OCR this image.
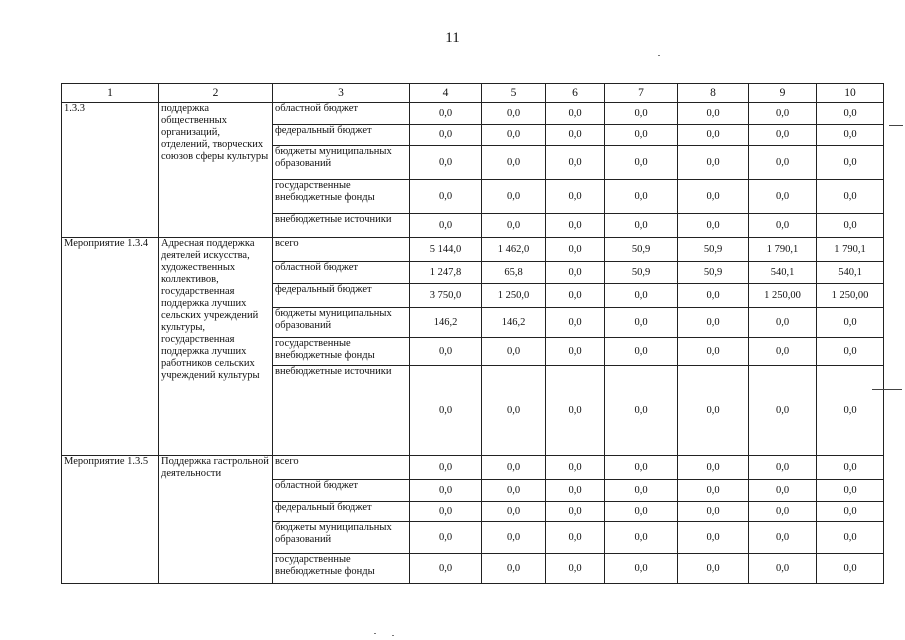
11
1	2	3	4	5	6	7	8	9	10
1.3.3	поддержка общественных организаций, отделений, творческих союзов сферы культуры	областной бюджет	0,0	0,0	0,0	0,0	0,0	0,0	0,0
		федеральный бюджет	0,0	0,0	0,0	0,0	0,0	0,0	0,0
		бюджеты муниципальных образований	0,0	0,0	0,0	0,0	0,0	0,0	0,0
		государственные внебюджетные фонды	0,0	0,0	0,0	0,0	0,0	0,0	0,0
		внебюджетные источники	0,0	0,0	0,0	0,0	0,0	0,0	0,0
Мероприятие 1.3.4	Адресная поддержка деятелей искусства, художественных коллективов, государственная поддержка лучших сельских учреждений культуры, государственная поддержка лучших работников сельских учреждений культуры	всего	5 144,0	1 462,0	0,0	50,9	50,9	1 790,1	1 790,1
		областной бюджет	1 247,8	65,8	0,0	50,9	50,9	540,1	540,1
		федеральный бюджет	3 750,0	1 250,0	0,0	0,0	0,0	1 250,00	1 250,00
		бюджеты муниципальных образований	146,2	146,2	0,0	0,0	0,0	0,0	0,0
		государственные внебюджетные фонды	0,0	0,0	0,0	0,0	0,0	0,0	0,0
		внебюджетные источники	0,0	0,0	0,0	0,0	0,0	0,0	0,0
Мероприятие 1.3.5	Поддержка гастрольной деятельности	всего	0,0	0,0	0,0	0,0	0,0	0,0	0,0
		областной бюджет	0,0	0,0	0,0	0,0	0,0	0,0	0,0
		федеральный бюджет	0,0	0,0	0,0	0,0	0,0	0,0	0,0
		бюджеты муниципальных образований	0,0	0,0	0,0	0,0	0,0	0,0	0,0
		государственные внебюджетные фонды	0,0	0,0	0,0	0,0	0,0	0,0	0,0
